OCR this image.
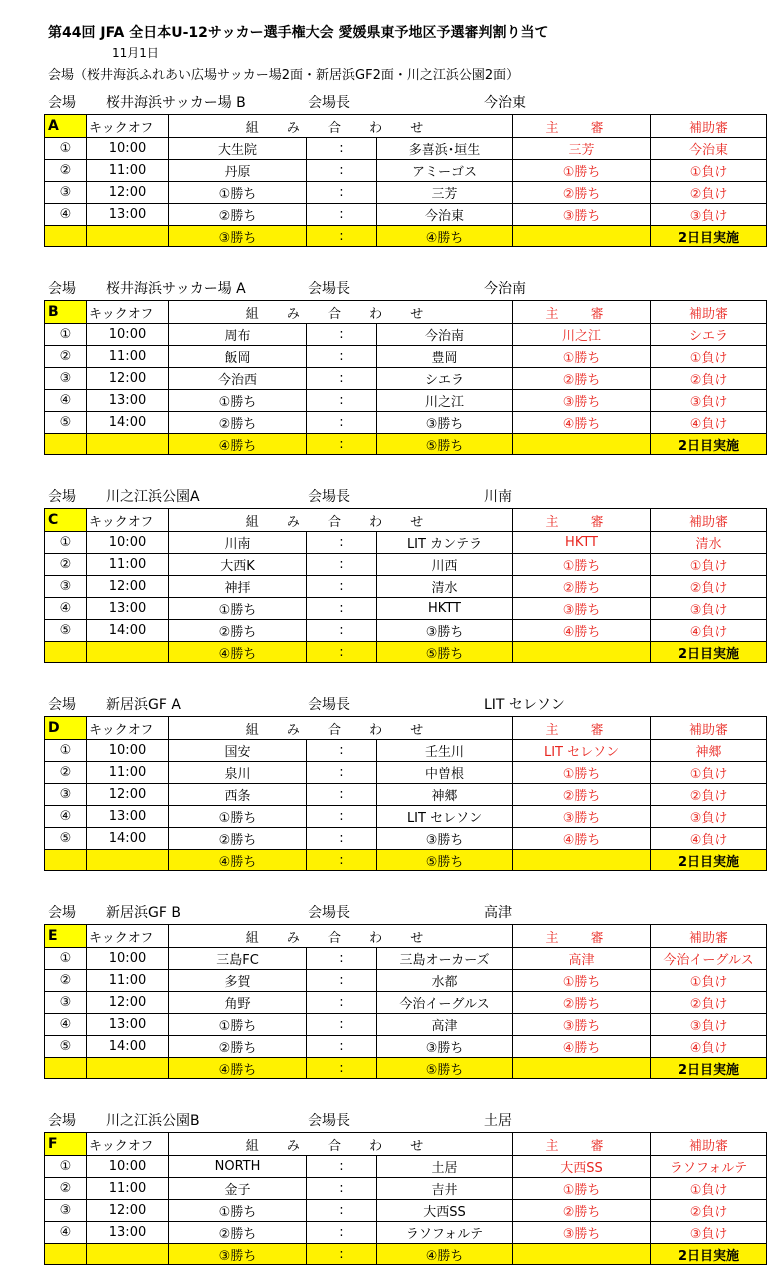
第44回 JFA 全日本U-12サッカー選手権大会 愛媛県東予地区予選審判割り当て
11月1日
会場（桜井海浜ふれあい広場サッカー場2面・新居浜GF2面・川之江浜公園2面）
会場 桜井海浜サッカー場 B	会場長	今治東
A	キックオフ	組 み 合 わ せ			主 審	補助審
①	10:00	大生院	:	多喜浜･垣生	三芳	今治東
②	11:00	丹原	:	アミーゴス	①勝ち	①負け
③	12:00	①勝ち	:	三芳	②勝ち	②負け
④	13:00	②勝ち	:	今治東	③勝ち	③負け
		③勝ち	:	④勝ち		2日目実施
会場 桜井海浜サッカー場 A	会場長	今治南
B	キックオフ	組 み 合 わ せ			主 審	補助審
①	10:00	周布	:	今治南	川之江	シエラ
②	11:00	飯岡	:	豊岡	①勝ち	①負け
③	12:00	今治西	:	シエラ	②勝ち	②負け
④	13:00	①勝ち	:	川之江	③勝ち	③負け
⑤	14:00	②勝ち	:	③勝ち	④勝ち	④負け
		④勝ち	:	⑤勝ち		2日目実施
会場 川之江浜公園A	会場長	川南
C	キックオフ	組 み 合 わ せ			主 審	補助審
①	10:00	川南	:	LIT カンテラ	HKTT	清水
②	11:00	大西K	:	川西	①勝ち	①負け
③	12:00	神拝	:	清水	②勝ち	②負け
④	13:00	①勝ち	:	HKTT	③勝ち	③負け
⑤	14:00	②勝ち	:	③勝ち	④勝ち	④負け
		④勝ち	:	⑤勝ち		2日目実施
会場 新居浜GF A	会場長	LIT セレソン
D	キックオフ	組 み 合 わ せ			主 審	補助審
①	10:00	国安	:	壬生川	LIT セレソン	神郷
②	11:00	泉川	:	中曽根	①勝ち	①負け
③	12:00	西条	:	神郷	②勝ち	②負け
④	13:00	①勝ち	:	LIT セレソン	③勝ち	③負け
⑤	14:00	②勝ち	:	③勝ち	④勝ち	④負け
		④勝ち	:	⑤勝ち		2日目実施
会場 新居浜GF B	会場長	高津
E	キックオフ	組 み 合 わ せ			主 審	補助審
①	10:00	三島FC	:	三島オーカーズ	高津	今治イーグルス
②	11:00	多賀	:	水都	①勝ち	①負け
③	12:00	角野	:	今治イーグルス	②勝ち	②負け
④	13:00	①勝ち	:	高津	③勝ち	③負け
⑤	14:00	②勝ち	:	③勝ち	④勝ち	④負け
		④勝ち	:	⑤勝ち		2日目実施
会場 川之江浜公園B	会場長	土居
F	キックオフ	組 み 合 わ せ			主 審	補助審
①	10:00	NORTH	:	土居	大西SS	ラソフォルテ
②	11:00	金子	:	吉井	①勝ち	①負け
③	12:00	①勝ち	:	大西SS	②勝ち	②負け
④	13:00	②勝ち	:	ラソフォルテ	③勝ち	③負け
		③勝ち	:	④勝ち		2日目実施
